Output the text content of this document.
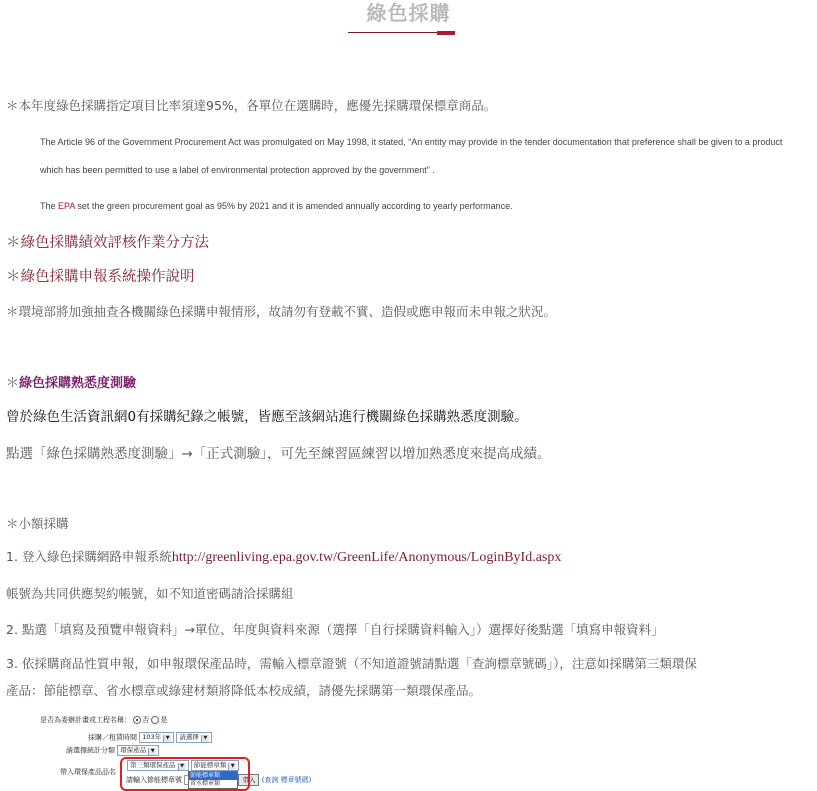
綠色採購
＊本年度綠色採購指定項目比率須達95%，各單位在選購時，應優先採購環保標章商品。
The Article 96 of the Government Procurement Act was promulgated on May 1998, it stated, “An entity may provide in the tender documentation that preference shall be given to a product
which has been permitted to use a label of environmental protection approved by the government” .
The EPA set the green procurement goal as 95% by 2021 and it is amended annually according to yearly performance.
＊綠色採購績效評核作業分方法
＊綠色採購申報系統操作說明
＊環境部將加強抽查各機關綠色採購申報情形，故請勿有登載不實、造假或應申報而未申報之狀況。
＊綠色採購熟悉度測驗
曾於綠色生活資訊網0有採購紀錄之帳號，皆應至該網站進行機關綠色採購熟悉度測驗。
點選「綠色採購熟悉度測驗」→「正式測驗」，可先至練習區練習以增加熟悉度來提高成績。
＊小額採購
1. 登入綠色採購網路申報系統http://greenliving.epa.gov.tw/GreenLife/Anonymous/LoginById.aspx
帳號為共同供應契約帳號，如不知道密碼請洽採購組
2. 點選「填寫及預覽申報資料」→單位、年度與資料來源（選擇「自行採購資料輸入」）選擇好後點選「填寫申報資料」
3. 依採購商品性質申報，如申報環保產品時，需輸入標章證號（不知道證號請點選「查詢標章號碼」），注意如採購第三類環保
產品：節能標章、省水標章或綠建材類將降低本校成績，請優先採購第一類環保產品。
是否為委辦計畫或工程名稱： 否 是
採購／租賃時間 103年 ▼ 請選擇 ▼
請選擇統計分類 環保產品 ▼
帶入環保產品品名
第三類環保產品 ▼ 節能標章類 ▼
請輸入節能標章號	帶入 (查詢 標章號碼)
節能標章類
省水標章類
